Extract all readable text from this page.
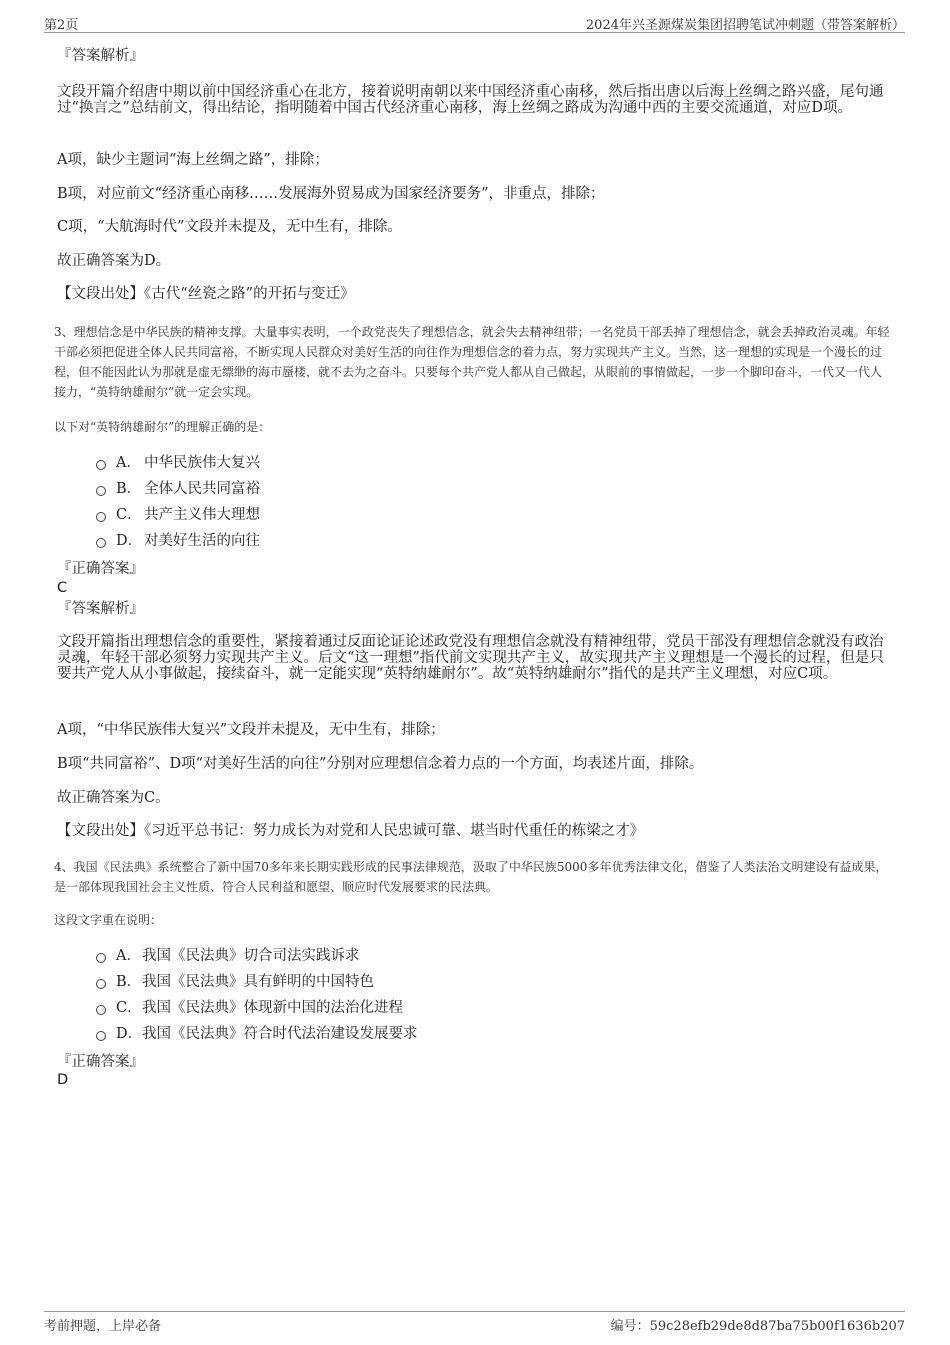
第2页	2024年兴圣源煤炭集团招聘笔试冲刺题（带答案解析）
『答案解析』
文段开篇介绍唐中期以前中国经济重心在北方，接着说明南朝以来中国经济重心南移，然后指出唐以后海上丝绸之路兴盛，尾句通过“换言之”总结前文，得出结论，指明随着中国古代经济重心南移，海上丝绸之路成为沟通中西的主要交流通道，对应D项。
A项，缺少主题词“海上丝绸之路”，排除；
B项，对应前文“经济重心南移……发展海外贸易成为国家经济要务”，非重点，排除；
C项，“大航海时代”文段并未提及，无中生有，排除。
故正确答案为D。
【文段出处】《古代“丝瓷之路”的开拓与变迁》
3、理想信念是中华民族的精神支撑。大量事实表明，一个政党丧失了理想信念，就会失去精神纽带；一名党员干部丢掉了理想信念，就会丢掉政治灵魂。年轻干部必须把促进全体人民共同富裕，不断实现人民群众对美好生活的向往作为理想信念的着力点，努力实现共产主义。当然，这一理想的实现是一个漫长的过程，但不能因此认为那就是虚无缥缈的海市蜃楼，就不去为之奋斗。只要每个共产党人都从自己做起，从眼前的事情做起，一步一个脚印奋斗，一代又一代人接力，“英特纳雄耐尔”就一定会实现。
以下对“英特纳雄耐尔”的理解正确的是：
A． 中华民族伟大复兴
B． 全体人民共同富裕
C． 共产主义伟大理想
D． 对美好生活的向往
『正确答案』
C
『答案解析』
文段开篇指出理想信念的重要性，紧接着通过反面论证论述政党没有理想信念就没有精神纽带，党员干部没有理想信念就没有政治灵魂，年轻干部必须努力实现共产主义。后文“这一理想”指代前文实现共产主义，故实现共产主义理想是一个漫长的过程，但是只要共产党人从小事做起，接续奋斗，就一定能实现“英特纳雄耐尔”。故“英特纳雄耐尔”指代的是共产主义理想，对应C项。
A项，“中华民族伟大复兴”文段并未提及，无中生有，排除；
B项“共同富裕”、D项“对美好生活的向往”分别对应理想信念着力点的一个方面，均表述片面，排除。
故正确答案为C。
【文段出处】《习近平总书记：努力成长为对党和人民忠诚可靠、堪当时代重任的栋梁之才》
4、我国《民法典》系统整合了新中国70多年来长期实践形成的民事法律规范，汲取了中华民族5000多年优秀法律文化，借鉴了人类法治文明建设有益成果，是一部体现我国社会主义性质、符合人民利益和愿望、顺应时代发展要求的民法典。
这段文字重在说明：
A．我国《民法典》切合司法实践诉求
B．我国《民法典》具有鲜明的中国特色
C．我国《民法典》体现新中国的法治化进程
D．我国《民法典》符合时代法治建设发展要求
『正确答案』
D
考前押题，上岸必备	编号：59c28efb29de8d87ba75b00f1636b207
